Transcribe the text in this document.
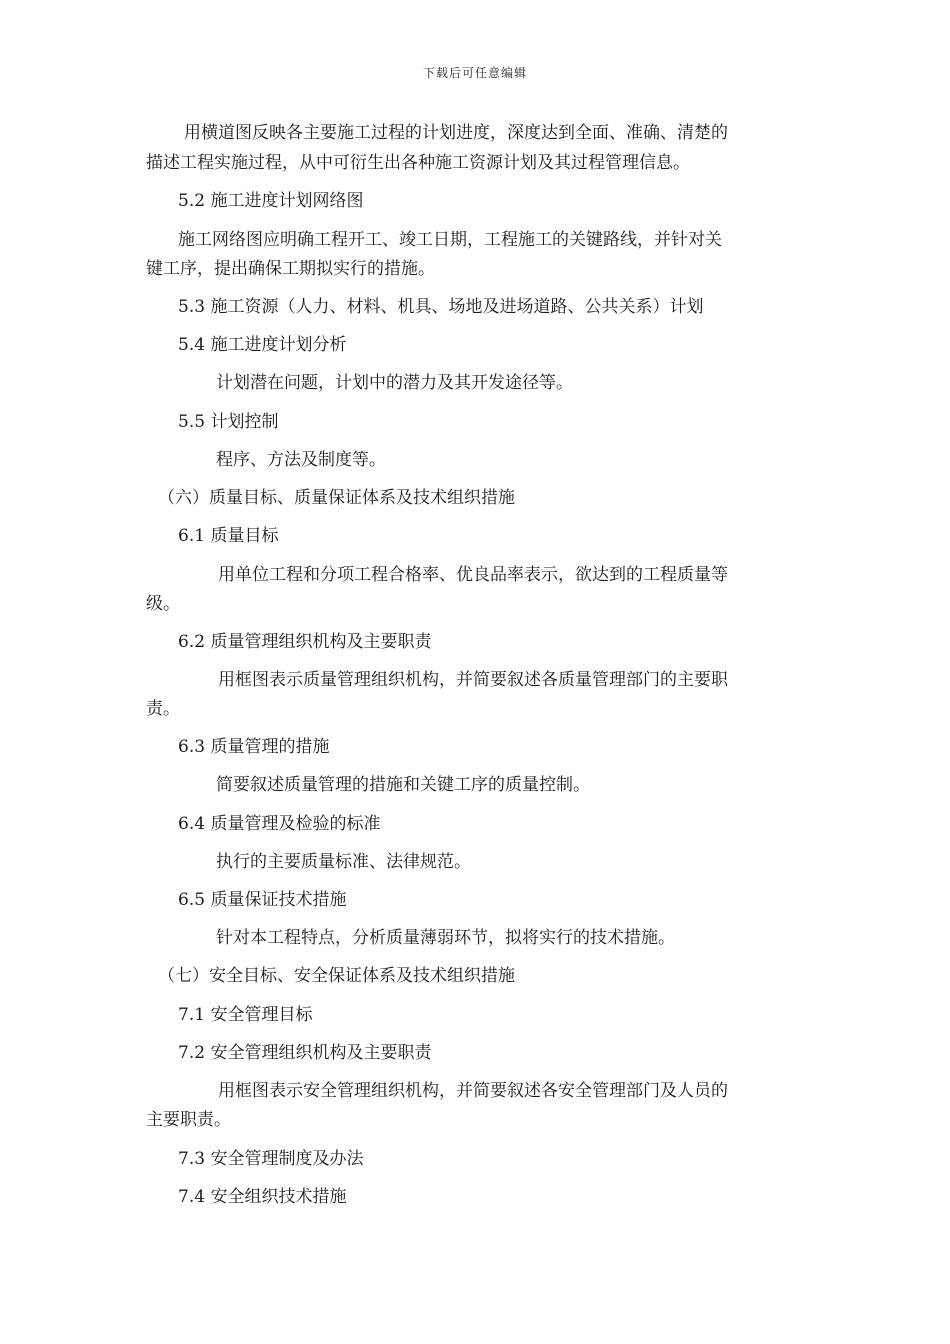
下载后可任意编辑
用横道图反映各主要施工过程的计划进度，深度达到全面、准确、清楚的
描述工程实施过程，从中可衍生出各种施工资源计划及其过程管理信息。
5.2 施工进度计划网络图
施工网络图应明确工程开工、竣工日期，工程施工的关键路线，并针对关
键工序，提出确保工期拟实行的措施。
5.3 施工资源（人力、材料、机具、场地及进场道路、公共关系）计划
5.4 施工进度计划分析
计划潜在问题，计划中的潜力及其开发途径等。
5.5 计划控制
程序、方法及制度等。
（六）质量目标、质量保证体系及技术组织措施
6.1 质量目标
用单位工程和分项工程合格率、优良品率表示，欲达到的工程质量等
级。
6.2 质量管理组织机构及主要职责
用框图表示质量管理组织机构，并简要叙述各质量管理部门的主要职
责。
6.3 质量管理的措施
简要叙述质量管理的措施和关键工序的质量控制。
6.4 质量管理及检验的标准
执行的主要质量标准、法律规范。
6.5 质量保证技术措施
针对本工程特点，分析质量薄弱环节，拟将实行的技术措施。
（七）安全目标、安全保证体系及技术组织措施
7.1 安全管理目标
7.2 安全管理组织机构及主要职责
用框图表示安全管理组织机构，并简要叙述各安全管理部门及人员的
主要职责。
7.3 安全管理制度及办法
7.4 安全组织技术措施
